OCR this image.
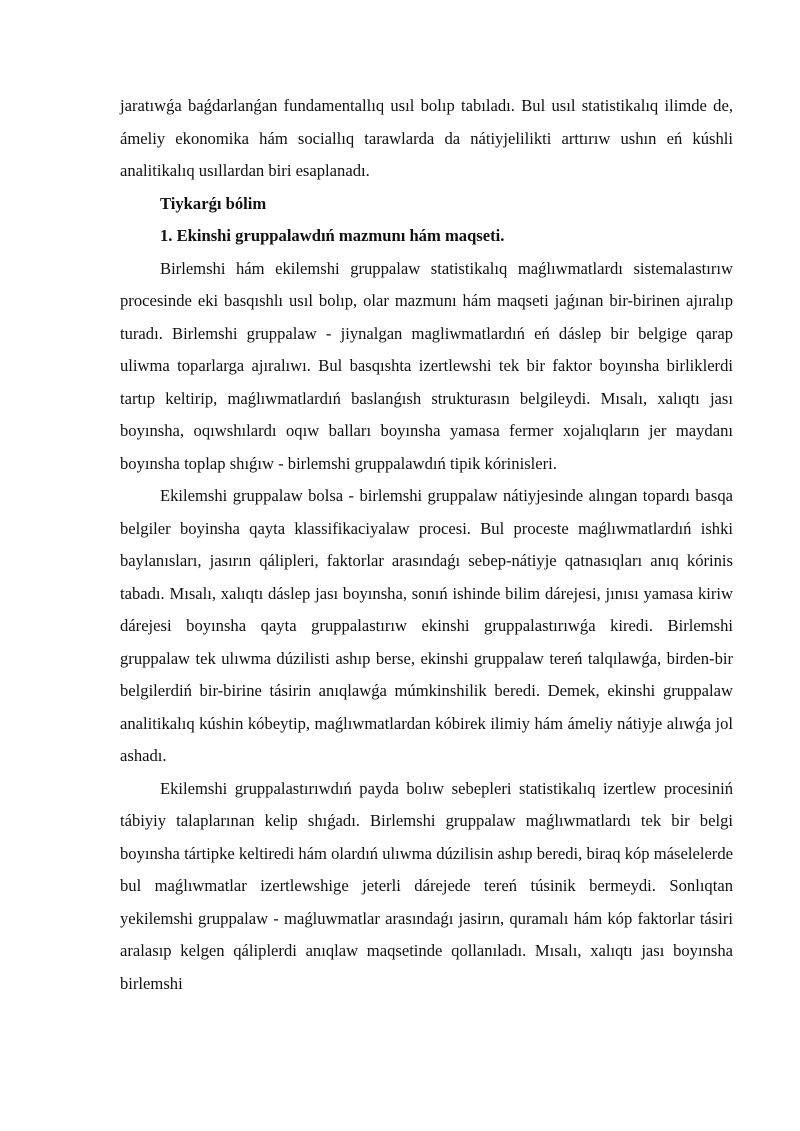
jaratıwǵa baǵdarlanǵan fundamentallıq usıl bolıp tabıladı. Bul usıl statistikalıq ilimde de, ámeliy ekonomika hám sociallıq tarawlarda da nátiyjelilikti arttırıw ushın eń kúshli analitikalıq usıllardan biri esaplanadı.

Tiykarǵı bólim

1. Ekinshi gruppalawdıń mazmunı hám maqseti.

Birlemshi hám ekilemshi gruppalaw statistikalıq maǵlıwmatlardı sistemalastırıw procesinde eki basqıshlı usıl bolıp, olar mazmunı hám maqseti jaǵınan bir-birinen ajıralıp turadı. Birlemshi gruppalaw - jiynalgan magliwmatlardıń eń dáslep bir belgige qarap uliwma toparlarga ajıralıwı. Bul basqıshta izertlewshi tek bir faktor boyınsha birliklerdi tartıp keltirip, maǵlıwmatlardıń baslanǵısh strukturasın belgileydi. Mısalı, xalıqtı jası boyınsha, oqıwshılardı oqıw balları boyınsha yamasa fermer xojalıqların jer maydanı boyınsha toplap shıǵıw - birlemshi gruppalawdıń tipik kórinisleri.

Ekilemshi gruppalaw bolsa - birlemshi gruppalaw nátiyjesinde alıngan topardı basqa belgiler boyinsha qayta klassifikaciyalaw procesi. Bul proceste maǵlıwmatlardıń ishki baylanısları, jasırın qálipleri, faktorlar arasındaǵı sebep-nátiyje qatnasıqları anıq kórinis tabadı. Mısalı, xalıqtı dáslep jası boyınsha, sonıń ishinde bilim dárejesi, jınısı yamasa kiriw dárejesi boyınsha qayta gruppalastırıw ekinshi gruppalastırıwǵa kiredi. Birlemshi gruppalaw tek ulıwma dúzilisti ashıp berse, ekinshi gruppalaw tereń talqılawǵa, birden-bir belgilerdiń bir-birine tásirin anıqlawǵa múmkinshilik beredi. Demek, ekinshi gruppalaw analitikalıq kúshin kóbeytip, maǵlıwmatlardan kóbirek ilimiy hám ámeliy nátiyje alıwǵa jol ashadı.

Ekilemshi gruppalastırıwdıń payda bolıw sebepleri statistikalıq izertlew procesiniń tábiyiy talaplarınan kelip shıǵadı. Birlemshi gruppalaw maǵlıwmatlardı tek bir belgi boyınsha tártipke keltiredi hám olardıń ulıwma dúzilisin ashıp beredi, biraq kóp máselelerde bul maǵlıwmatlar izertlewshige jeterli dárejede tereń túsinik bermeydi. Sonlıqtan yekilemshi gruppalaw - maǵluwmatlar arasındaǵı jasirın, quramalı hám kóp faktorlar tásiri aralasıp kelgen qáliplerdi anıqlaw maqsetinde qollanıladı. Mısalı, xalıqtı jası boyınsha birlemshi
